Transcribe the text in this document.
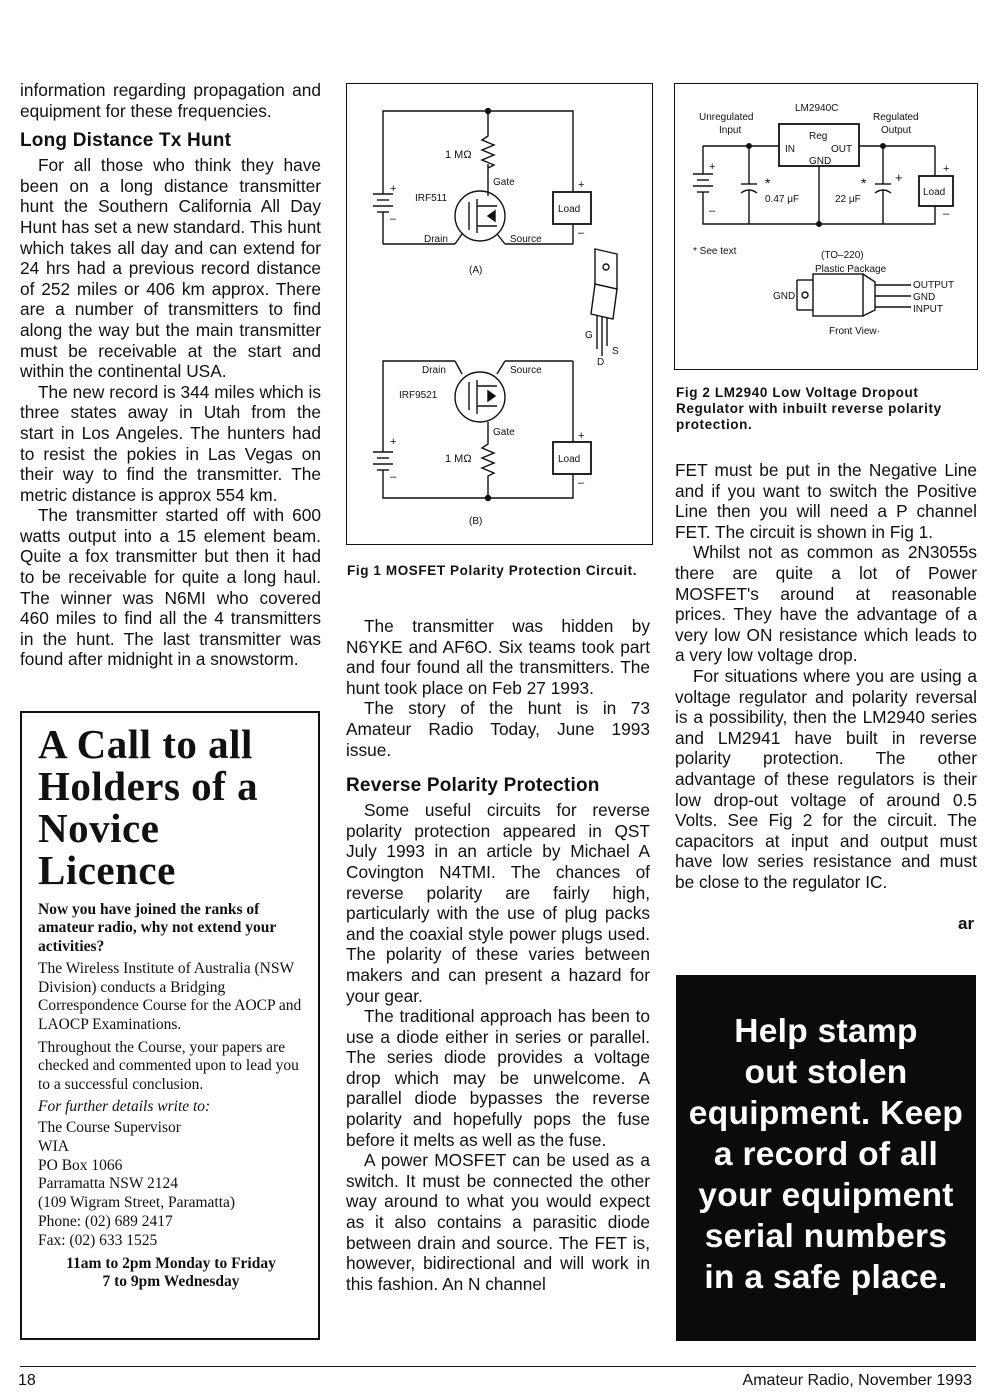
information regarding propagation and equipment for these frequencies.

Long Distance Tx Hunt

For all those who think they have been on a long distance transmitter hunt the Southern California All Day Hunt has set a new standard. This hunt which takes all day and can extend for 24 hrs had a previous record distance of 252 miles or 406 km approx. There are a number of transmitters to find along the way but the main transmitter must be receivable at the start and within the continental USA.

The new record is 344 miles which is three states away in Utah from the start in Los Angeles. The hunters had to resist the pokies in Las Vegas on their way to find the transmitter. The metric distance is approx 554 km.

The transmitter started off with 600 watts output into a 15 element beam. Quite a fox transmitter but then it had to be receivable for quite a long haul. The winner was N6MI who covered 460 miles to find all the 4 transmitters in the hunt. The last transmitter was found after midnight in a snowstorm.

A Call to all Holders of a Novice Licence
Now you have joined the ranks of amateur radio, why not extend your activities?
The Wireless Institute of Australia (NSW Division) conducts a Bridging Correspondence Course for the AOCP and LAOCP Examinations.
Throughout the Course, your papers are checked and commented upon to lead you to a successful conclusion.
For further details write to:
The Course Supervisor
WIA
PO Box 1066
Parramatta NSW 2124
(109 Wigram Street, Paramatta)
Phone: (02) 689 2417
Fax: (02) 633 1525
11am to 2pm Monday to Friday
7 to 9pm Wednesday
1 MΩ
IRF511
Gate
Drain	Source
Load
(A)
+
–
+
–
G
D
S
Drain	Source
IRF9521
Gate
1 MΩ	Load
(B)
+
–
+
–
Fig 1 MOSFET Polarity Protection Circuit.

The transmitter was hidden by N6YKE and AF6O. Six teams took part and four found all the transmitters. The hunt took place on Feb 27 1993.

The story of the hunt is in 73 Amateur Radio Today, June 1993 issue.

Reverse Polarity Protection

Some useful circuits for reverse polarity protection appeared in QST July 1993 in an article by Michael A Covington N4TMI. The chances of reverse polarity are fairly high, particularly with the use of plug packs and the coaxial style power plugs used. The polarity of these varies between makers and can present a hazard for your gear.

The traditional approach has been to use a diode either in series or parallel. The series diode provides a voltage drop which may be unwelcome. A parallel diode bypasses the reverse polarity and hopefully pops the fuse before it melts as well as the fuse.

A power MOSFET can be used as a switch. It must be connected the other way around to what you would expect as it also contains a parasitic diode between drain and source. The FET is, however, bidirectional and will work in this fashion. An N channel

LM2940C
Unregulated
Input
Regulated
Output
Reg
IN	OUT
GND
*	*
0.47 μF	22 μF
Load
+
–
+
+
–
* See text	(TO–220)
Plastic Package
GND
OUTPUT
GND
INPUT
Front View·
Fig 2 LM2940 Low Voltage Dropout Regulator with inbuilt reverse polarity protection.

FET must be put in the Negative Line and if you want to switch the Positive Line then you will need a P channel FET. The circuit is shown in Fig 1.

Whilst not as common as 2N3055s there are quite a lot of Power MOSFET's around at reasonable prices. They have the advantage of a very low ON resistance which leads to a very low voltage drop.

For situations where you are using a voltage regulator and polarity reversal is a possibility, then the LM2940 series and LM2941 have built in reverse polarity protection. The other advantage of these regulators is their low drop-out voltage of around 0.5 Volts. See Fig 2 for the circuit. The capacitors at input and output must have low series resistance and must be close to the regulator IC.

ar
Help stamp
out stolen
equipment. Keep
a record of all
your equipment
serial numbers
in a safe place.
18	Amateur Radio, November 1993
